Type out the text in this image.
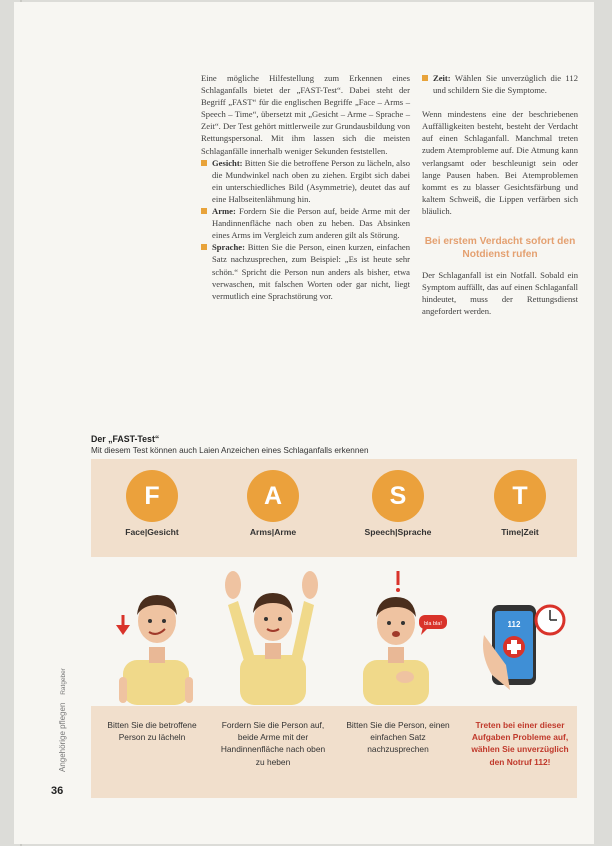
Eine mögliche Hilfestellung zum Erkennen eines Schlaganfalls bietet der „FAST-Test“. Dabei steht der Begriff „FAST“ für die englischen Begriffe „Face – Arms – Speech – Time“, übersetzt mit „Gesicht – Arme – Sprache – Zeit“. Der Test gehört mittlerweile zur Grundausbildung von Rettungspersonal. Mit ihm lassen sich die meisten Schlaganfälle innerhalb weniger Sekunden feststellen.

Gesicht: Bitten Sie die betroffene Person zu lächeln, also die Mundwinkel nach oben zu ziehen. Ergibt sich dabei ein unterschiedliches Bild (Asymmetrie), deutet das auf eine Halbseitenlähmung hin.

Arme: Fordern Sie die Person auf, beide Arme mit der Handinnenfläche nach oben zu heben. Das Absinken eines Arms im Vergleich zum anderen gilt als Störung.

Sprache: Bitten Sie die Person, einen kurzen, einfachen Satz nachzusprechen, zum Beispiel: „Es ist heute sehr schön.“ Spricht die Person nun anders als bisher, etwa verwaschen, mit falschen Worten oder gar nicht, liegt vermutlich eine Sprachstörung vor.

Zeit: Wählen Sie unverzüglich die 112 und schildern Sie die Symptome.

Wenn mindestens eine der beschriebenen Auffälligkeiten besteht, besteht der Verdacht auf einen Schlaganfall. Manchmal treten zudem Atemprobleme auf. Die Atmung kann verlangsamt oder beschleunigt sein oder lange Pausen haben. Bei Atemproblemen kommt es zu blasser Gesichtsfärbung und kaltem Schweiß, die Lippen verfärben sich bläulich.

Bei erstem Verdacht sofort den Notdienst rufen

Der Schlaganfall ist ein Notfall. Sobald ein Symptom auffällt, das auf einen Schlaganfall hindeutet, muss der Rettungsdienst angefordert werden.

Der „FAST-Test“
Mit diesem Test können auch Laien Anzeichen eines Schlaganfalls erkennen
F	A	S	T
Face|Gesicht	Arms|Arme	Speech|Sprache	Time|Zeit
bla bla!	112
Bitten Sie die betroffene Person zu lächeln
Fordern Sie die Person auf, beide Arme mit der Handinnenfläche nach oben zu heben
Bitten Sie die Person, einen einfachen Satz nachzusprechen
Treten bei einer dieser Aufgaben Probleme auf, wählen Sie unverzüglich den Notruf 112!
Angehörige pflegen Ratgeber
36
